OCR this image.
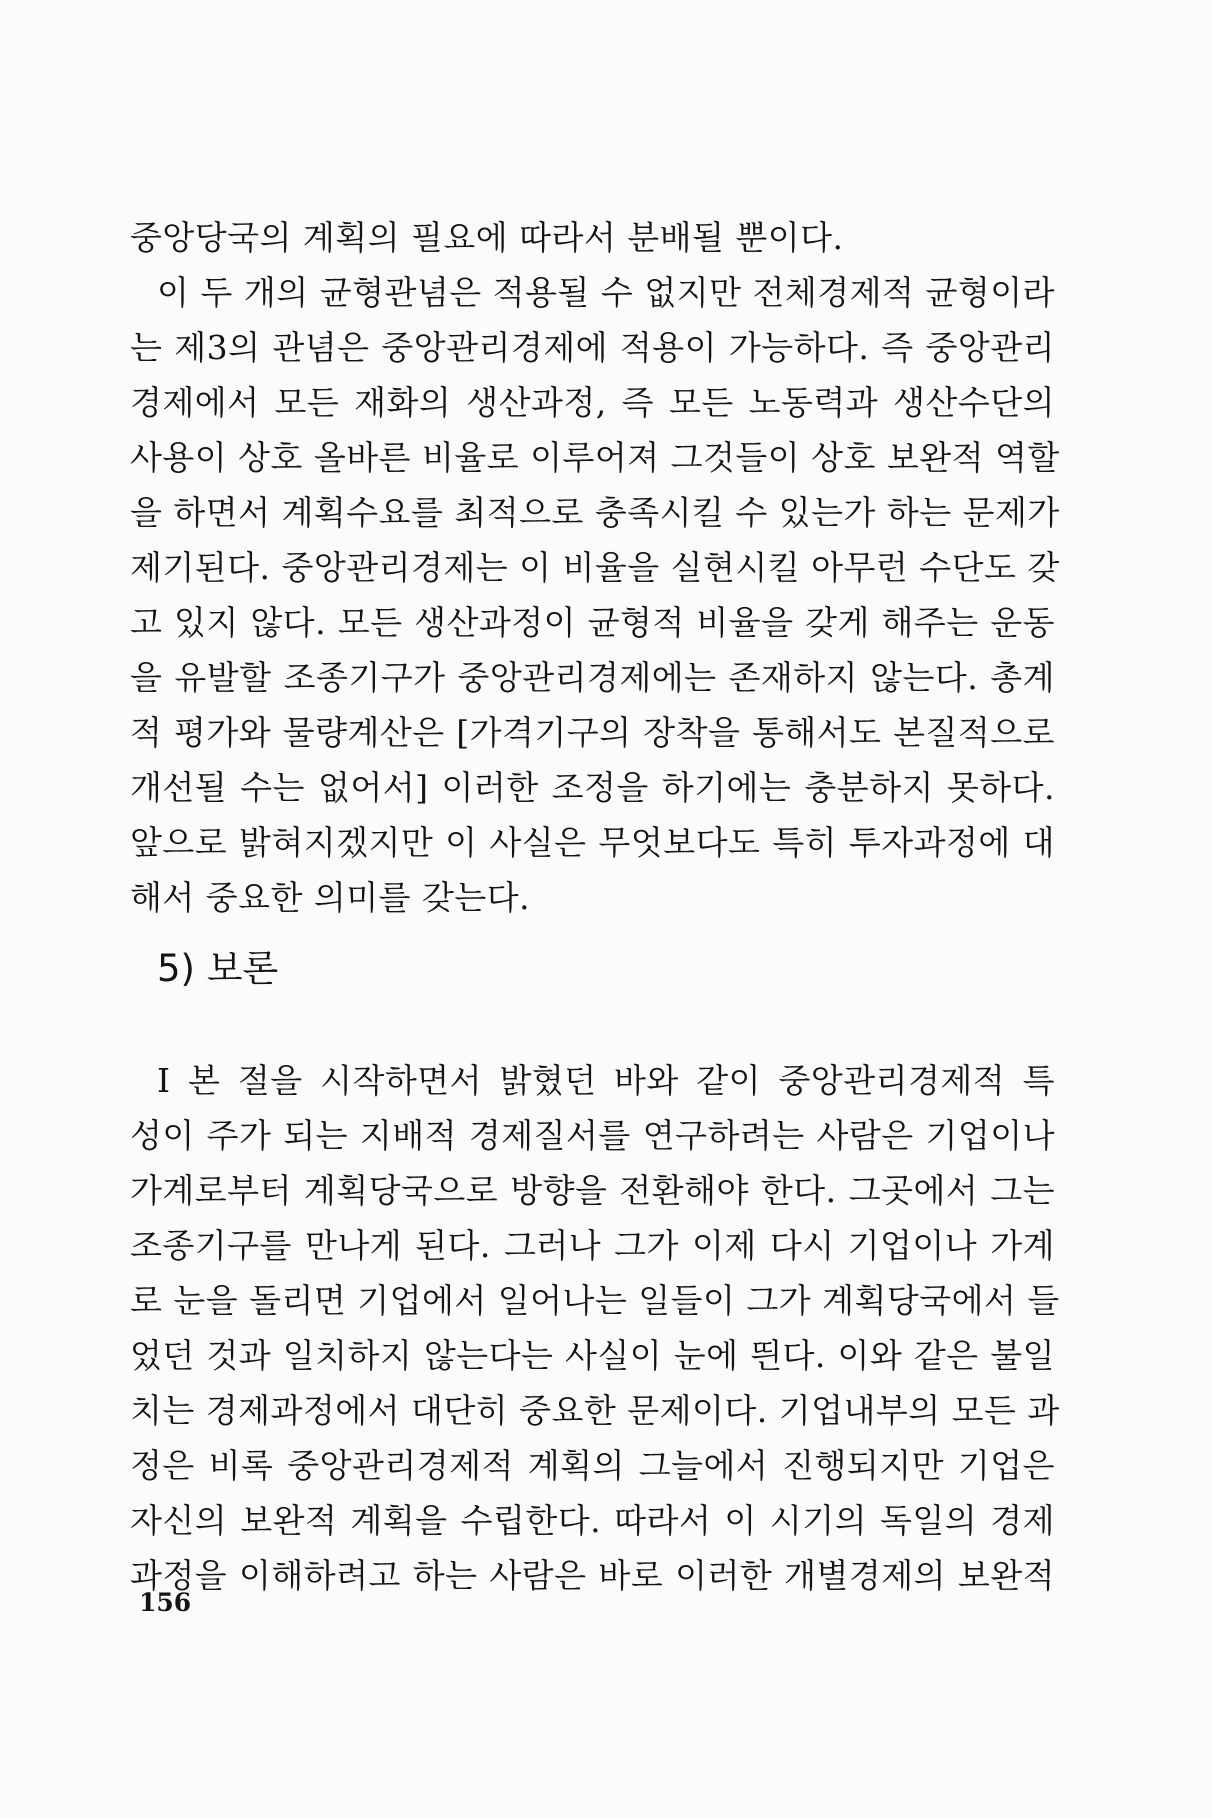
중앙당국의 계획의 필요에 따라서 분배될 뿐이다.
이 두 개의 균형관념은 적용될 수 없지만 전체경제적 균형이라
는 제3의 관념은 중앙관리경제에 적용이 가능하다. 즉 중앙관리
경제에서 모든 재화의 생산과정, 즉 모든 노동력과 생산수단의
사용이 상호 올바른 비율로 이루어져 그것들이 상호 보완적 역할
을 하면서 계획수요를 최적으로 충족시킬 수 있는가 하는 문제가
제기된다. 중앙관리경제는 이 비율을 실현시킬 아무런 수단도 갖
고 있지 않다. 모든 생산과정이 균형적 비율을 갖게 해주는 운동
을 유발할 조종기구가 중앙관리경제에는 존재하지 않는다. 총계
적 평가와 물량계산은 [가격기구의 장착을 통해서도 본질적으로
개선될 수는 없어서] 이러한 조정을 하기에는 충분하지 못하다.
앞으로 밝혀지겠지만 이 사실은 무엇보다도 특히 투자과정에 대
해서 중요한 의미를 갖는다.
5) 보론
I 본 절을 시작하면서 밝혔던 바와 같이 중앙관리경제적 특
성이 주가 되는 지배적 경제질서를 연구하려는 사람은 기업이나
가계로부터 계획당국으로 방향을 전환해야 한다. 그곳에서 그는
조종기구를 만나게 된다. 그러나 그가 이제 다시 기업이나 가계
로 눈을 돌리면 기업에서 일어나는 일들이 그가 계획당국에서 들
었던 것과 일치하지 않는다는 사실이 눈에 띈다. 이와 같은 불일
치는 경제과정에서 대단히 중요한 문제이다. 기업내부의 모든 과
정은 비록 중앙관리경제적 계획의 그늘에서 진행되지만 기업은
자신의 보완적 계획을 수립한다. 따라서 이 시기의 독일의 경제
과정을 이해하려고 하는 사람은 바로 이러한 개별경제의 보완적
156
